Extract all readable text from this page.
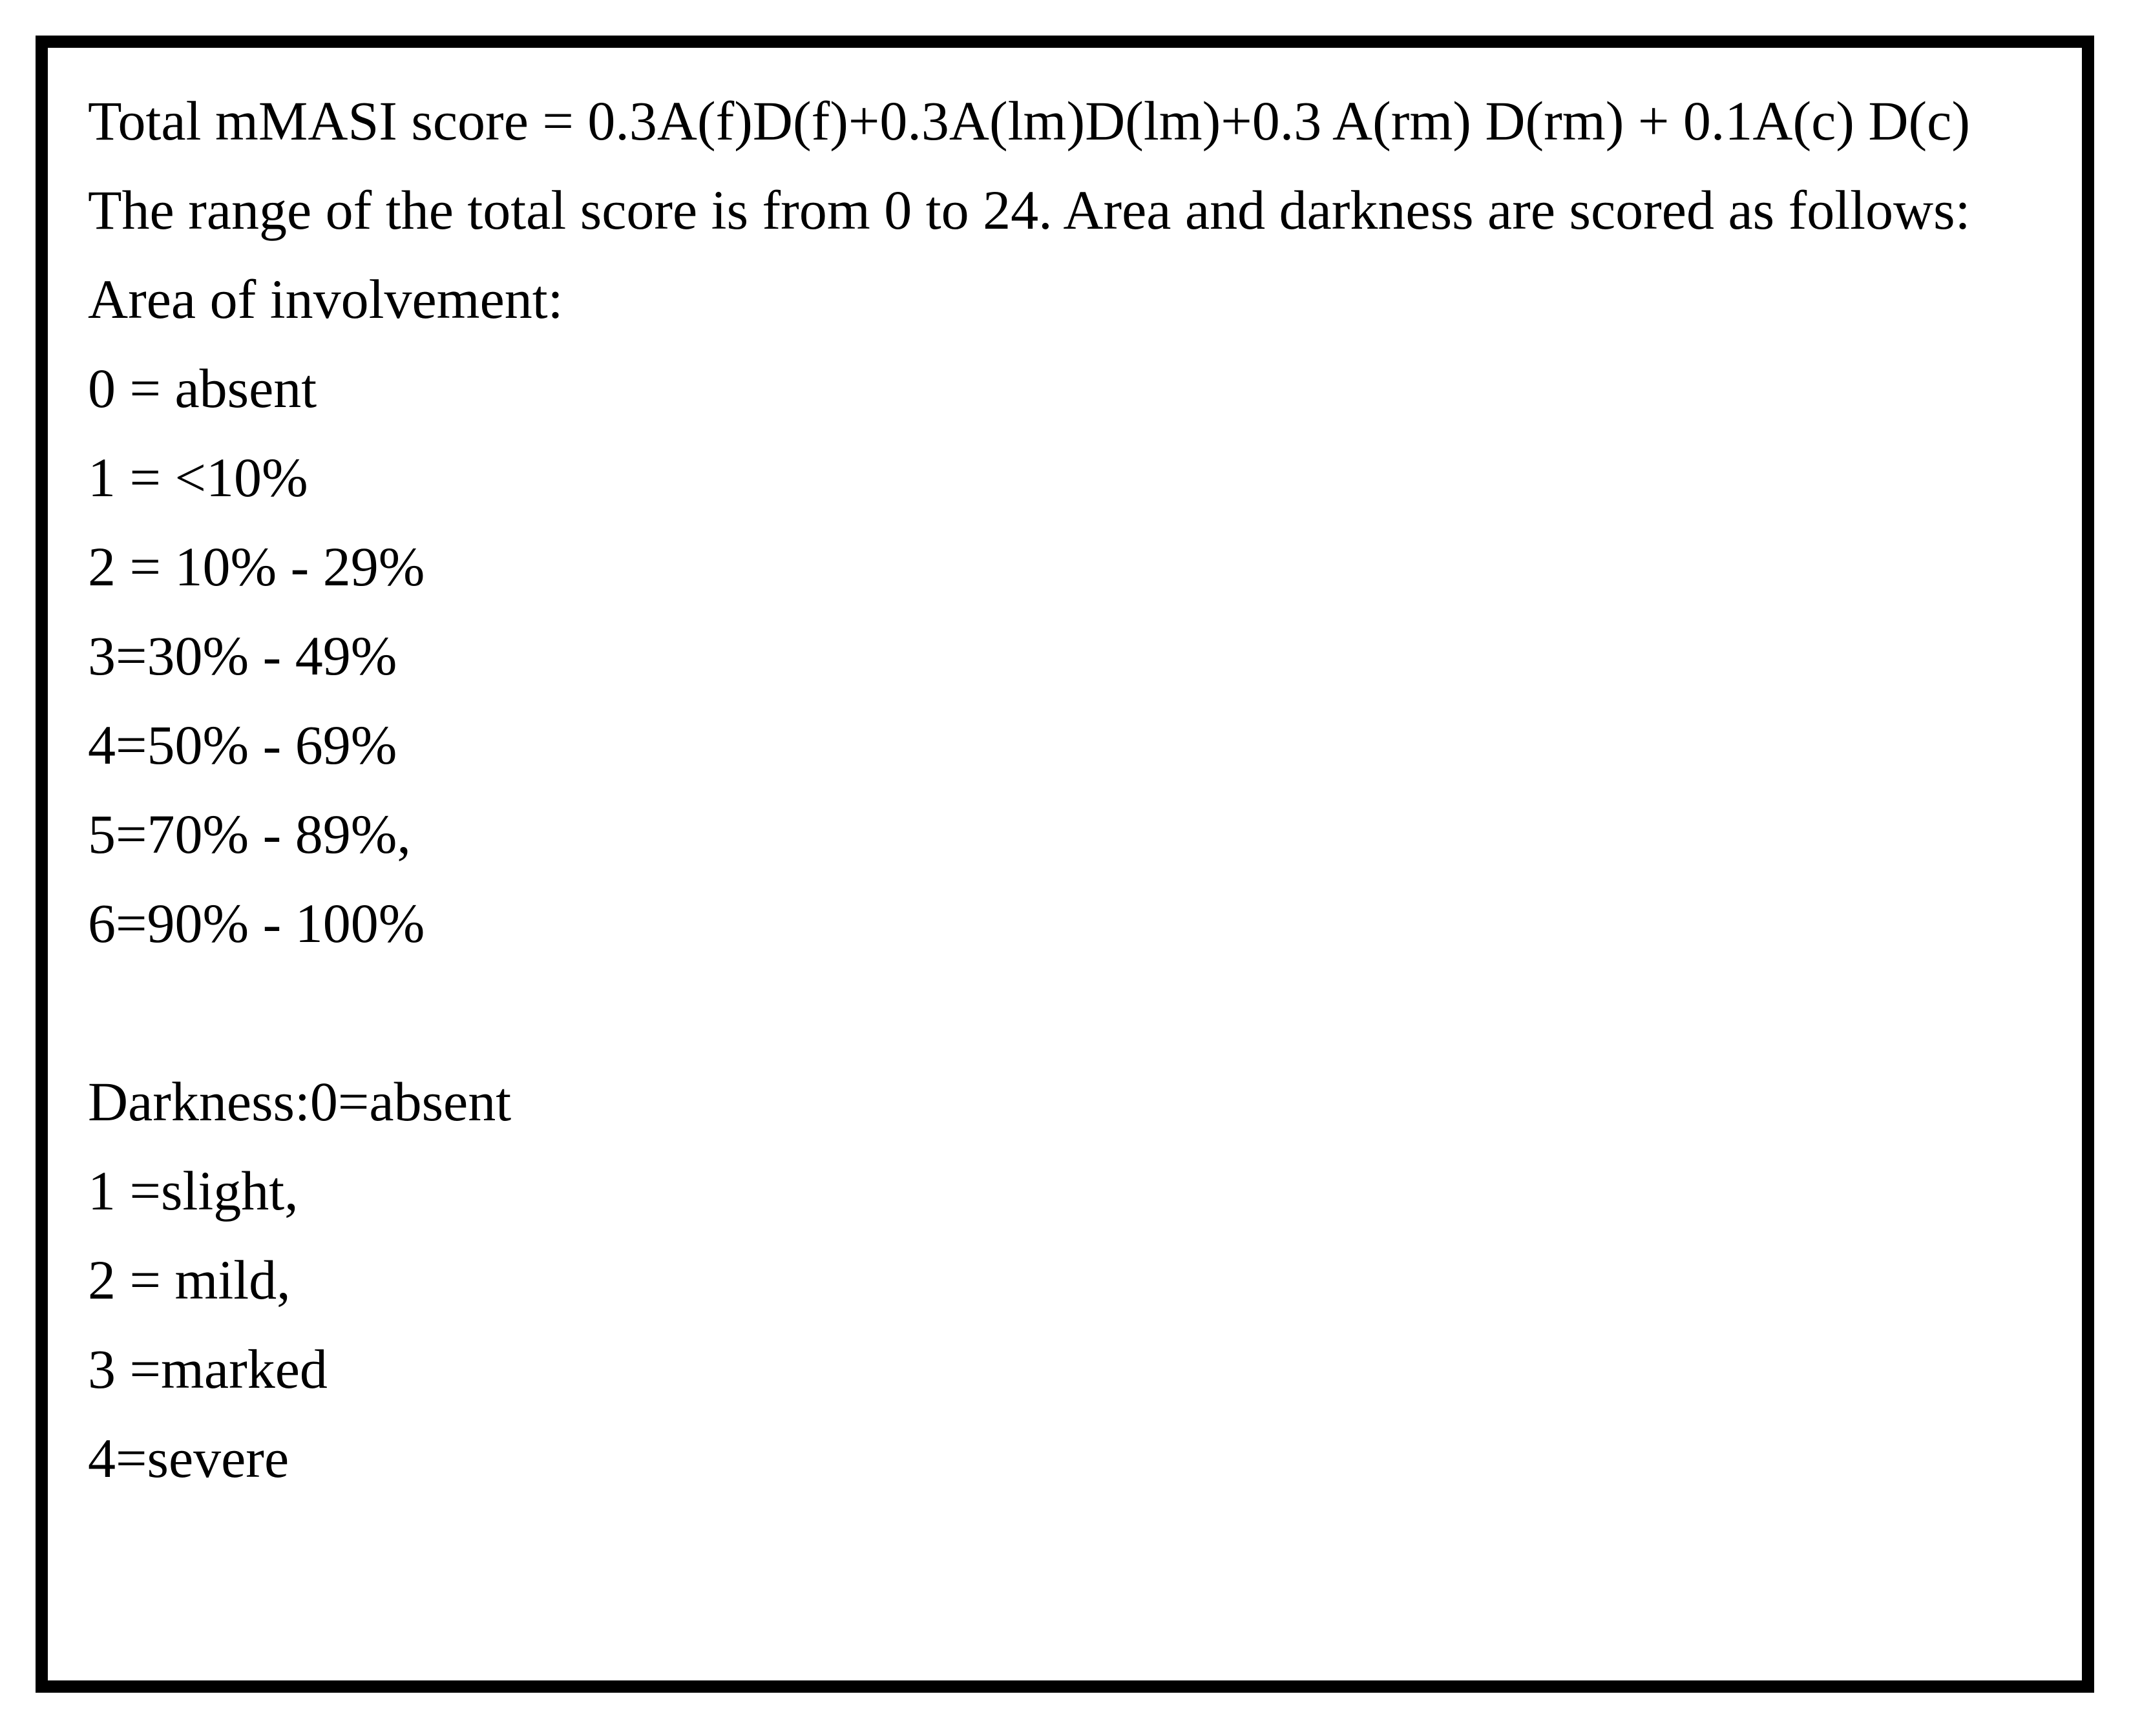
Total mMASI score = 0.3A(f)D(f)+0.3A(lm)D(lm)+0.3 A(rm) D(rm) + 0.1A(c) D(c)
The range of the total score is from 0 to 24. Area and darkness are scored as follows:
Area of involvement:
0 = absent
1 = <10%
2 = 10% - 29%
3=30% - 49%
4=50% - 69%
5=70% - 89%,
6=90% - 100%
Darkness:0=absent
1 =slight,
2 = mild,
3 =marked
4=severe
